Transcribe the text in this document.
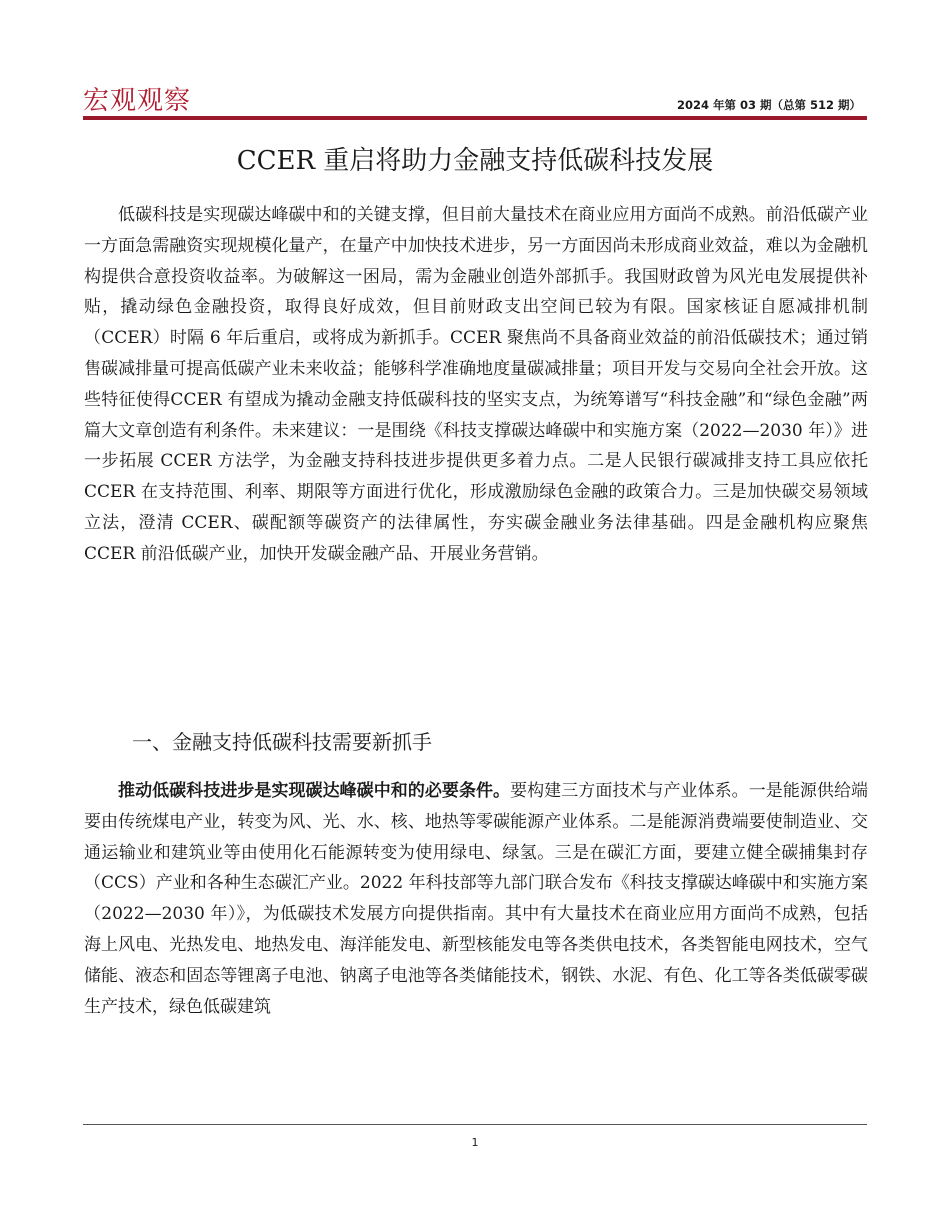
宏观观察	2024 年第 03 期（总第 512 期）
CCER 重启将助力金融支持低碳科技发展

低碳科技是实现碳达峰碳中和的关键支撑，但目前大量技术在商业应用方面尚不成熟。前沿低碳产业一方面急需融资实现规模化量产，在量产中加快技术进步，另一方面因尚未形成商业效益，难以为金融机构提供合意投资收益率。为破解这一困局，需为金融业创造外部抓手。我国财政曾为风光电发展提供补贴，撬动绿色金融投资，取得良好成效，但目前财政支出空间已较为有限。国家核证自愿减排机制（CCER）时隔 6 年后重启，或将成为新抓手。CCER 聚焦尚不具备商业效益的前沿低碳技术；通过销售碳减排量可提高低碳产业未来收益；能够科学准确地度量碳减排量；项目开发与交易向全社会开放。这些特征使得CCER 有望成为撬动金融支持低碳科技的坚实支点，为统筹谱写“科技金融”和“绿色金融”两篇大文章创造有利条件。未来建议：一是围绕《科技支撑碳达峰碳中和实施方案（2022—2030 年）》进一步拓展 CCER 方法学，为金融支持科技进步提供更多着力点。二是人民银行碳减排支持工具应依托CCER 在支持范围、利率、期限等方面进行优化，形成激励绿色金融的政策合力。三是加快碳交易领域立法，澄清 CCER、碳配额等碳资产的法律属性，夯实碳金融业务法律基础。四是金融机构应聚焦CCER 前沿低碳产业，加快开发碳金融产品、开展业务营销。

一、金融支持低碳科技需要新抓手

推动低碳科技进步是实现碳达峰碳中和的必要条件。要构建三方面技术与产业体系。一是能源供给端要由传统煤电产业，转变为风、光、水、核、地热等零碳能源产业体系。二是能源消费端要使制造业、交通运输业和建筑业等由使用化石能源转变为使用绿电、绿氢。三是在碳汇方面，要建立健全碳捕集封存（CCS）产业和各种生态碳汇产业。2022 年科技部等九部门联合发布《科技支撑碳达峰碳中和实施方案（2022—2030 年）》，为低碳技术发展方向提供指南。其中有大量技术在商业应用方面尚不成熟，包括海上风电、光热发电、地热发电、海洋能发电、新型核能发电等各类供电技术，各类智能电网技术，空气储能、液态和固态等锂离子电池、钠离子电池等各类储能技术，钢铁、水泥、有色、化工等各类低碳零碳生产技术，绿色低碳建筑

1
